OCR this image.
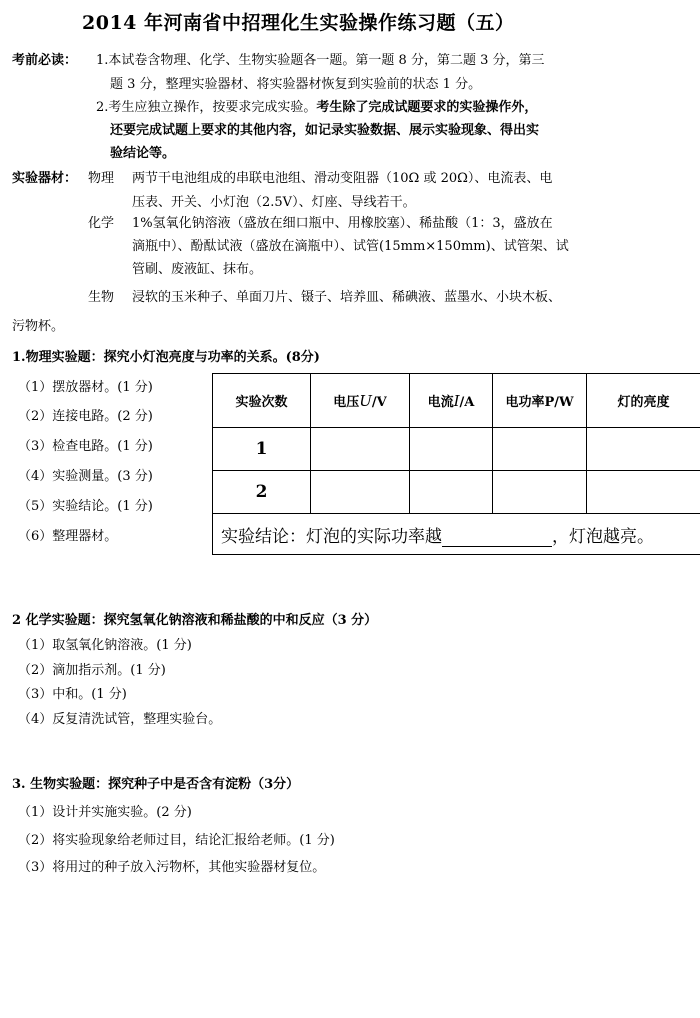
2014 年河南省中招理化生实验操作练习题（五）
考前必读： 1.本试卷含物理、化学、生物实验题各一题。第一题 8 分，第二题 3 分，第三
题 3 分，整理实验器材、将实验器材恢复到实验前的状态 1 分。
2.考生应独立操作，按要求完成实验。考生除了完成试题要求的实验操作外，
还要完成试题上要求的其他内容，如记录实验数据、展示实验现象、得出实
验结论等。
实验器材： 物理 两节干电池组成的串联电池组、滑动变阻器（10Ω 或 20Ω）、电流表、电
压表、开关、小灯泡（2.5V）、灯座、导线若干。
化学 1%氢氧化钠溶液（盛放在细口瓶中、用橡胶塞）、稀盐酸（1：3，盛放在
滴瓶中）、酚酞试液（盛放在滴瓶中）、试管(15mm×150mm)、试管架、试
管刷、废液缸、抹布。
生物 浸软的玉米种子、单面刀片、镊子、培养皿、稀碘液、蓝墨水、小块木板、
污物杯。
1.物理实验题：探究小灯泡亮度与功率的关系。(8分)
（1）摆放器材。(1 分)
（2）连接电路。(2 分)
（3）检查电路。(1 分)
（4）实验测量。(3 分)
（5）实验结论。(1 分)
（6）整理器材。
实验次数	电压U/V	电流I/A	电功率P/W	灯的亮度
1				
2				
实验结论：灯泡的实际功率越 ，灯泡越亮。				
2 化学实验题：探究氢氧化钠溶液和稀盐酸的中和反应（3 分）
（1）取氢氧化钠溶液。(1 分)
（2）滴加指示剂。(1 分)
（3）中和。(1 分)
（4）反复清洗试管，整理实验台。
3. 生物实验题：探究种子中是否含有淀粉（3分）
（1）设计并实施实验。(2 分)
（2）将实验现象给老师过目，结论汇报给老师。(1 分)
（3）将用过的种子放入污物杯，其他实验器材复位。
